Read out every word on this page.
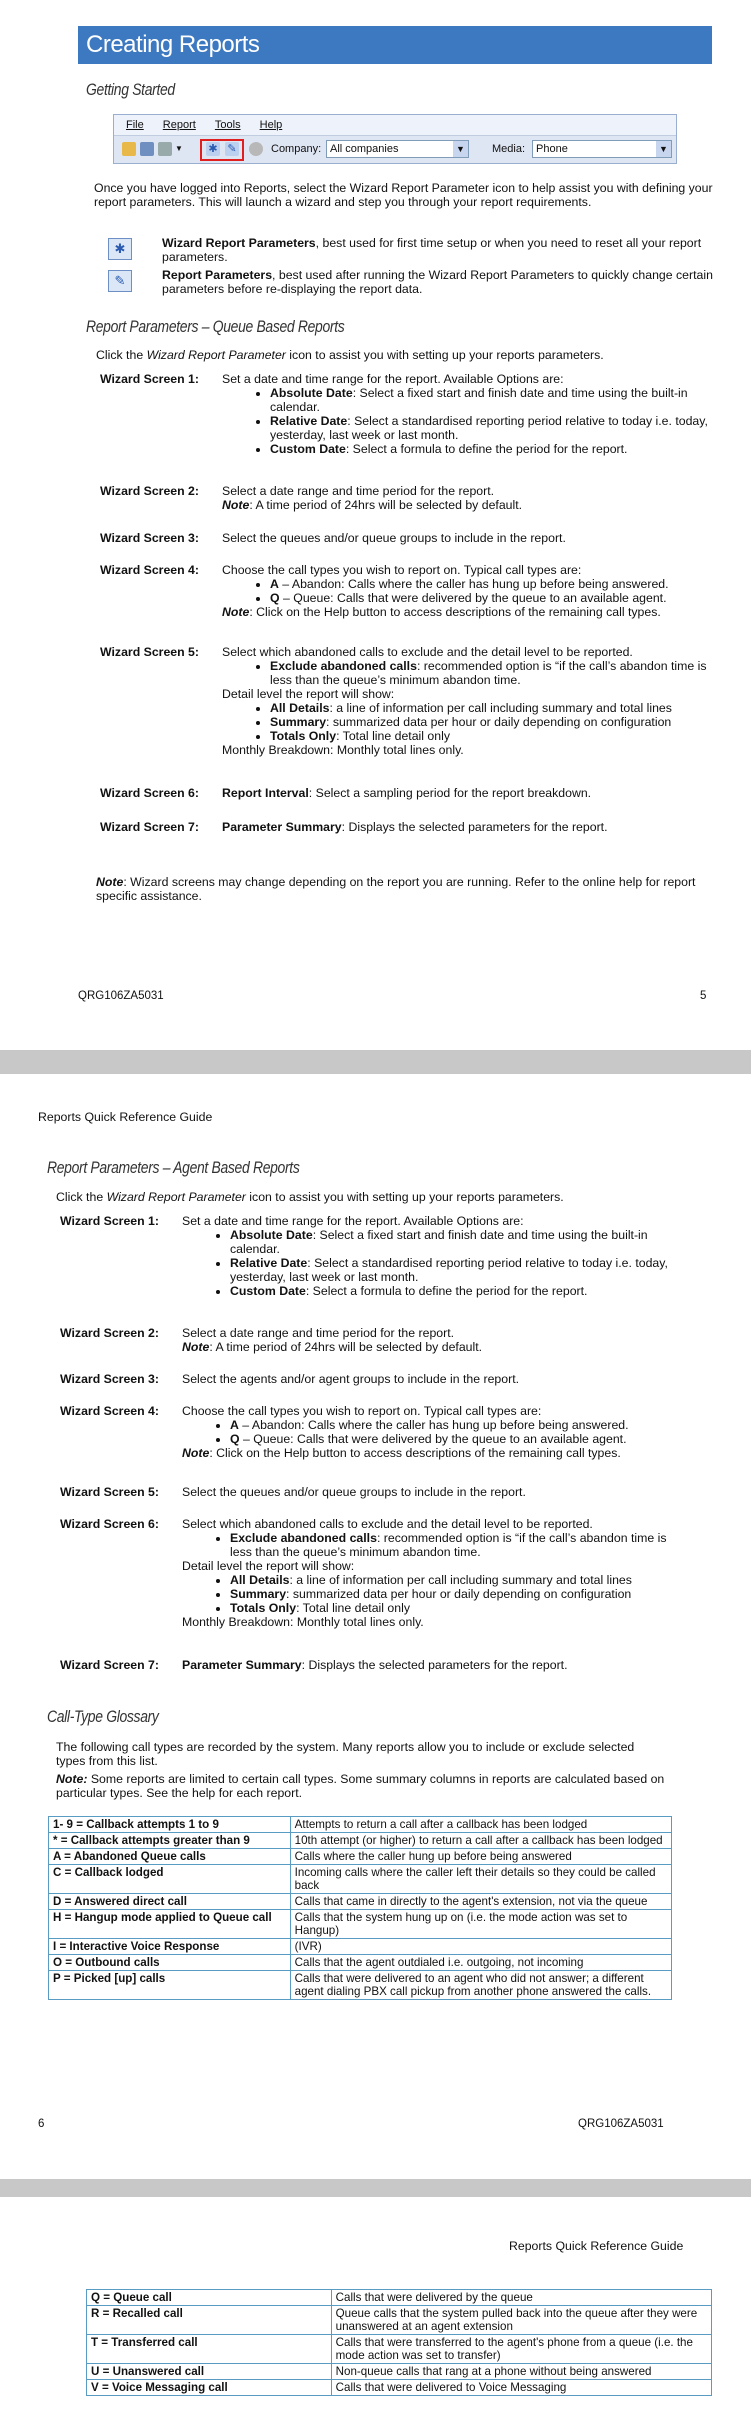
Creating Reports
Getting Started
File Report Tools Help
▼ ✱ ✎	Company: All companies	▼ Media: Phone	▼
Once you have logged into Reports, select the Wizard Report Parameter icon to help assist you with defining your report parameters. This will launch a wizard and step you through your report requirements.
✱	Wizard Report Parameters, best used for first time setup or when you need to reset all your report parameters.
✎	Report Parameters, best used after running the Wizard Report Parameters to quickly change certain parameters before re-displaying the report data.
Report Parameters – Queue Based Reports
Click the Wizard Report Parameter icon to assist you with setting up your reports parameters.
Wizard Screen 1: Set a date and time range for the report. Available Options are:
• Absolute Date: Select a fixed start and finish date and time using the built-in calendar.
• Relative Date: Select a standardised reporting period relative to today i.e. today, yesterday, last week or last month.
• Custom Date: Select a formula to define the period for the report.
Wizard Screen 2: Select a date range and time period for the report.
Note: A time period of 24hrs will be selected by default.
Wizard Screen 3: Select the queues and/or queue groups to include in the report.
Wizard Screen 4: Choose the call types you wish to report on. Typical call types are:
• A – Abandon: Calls where the caller has hung up before being answered.
• Q – Queue: Calls that were delivered by the queue to an available agent.
Note: Click on the Help button to access descriptions of the remaining call types.
Wizard Screen 5: Select which abandoned calls to exclude and the detail level to be reported.
• Exclude abandoned calls: recommended option is “if the call’s abandon time is less than the queue’s minimum abandon time.
Detail level the report will show:
• All Details: a line of information per call including summary and total lines
• Summary: summarized data per hour or daily depending on configuration
• Totals Only: Total line detail only
Monthly Breakdown: Monthly total lines only.
Wizard Screen 6: Report Interval: Select a sampling period for the report breakdown.
Wizard Screen 7: Parameter Summary: Displays the selected parameters for the report.
Note: Wizard screens may change depending on the report you are running. Refer to the online help for report specific assistance.
QRG106ZA5031	5
Reports Quick Reference Guide
Report Parameters – Agent Based Reports
Click the Wizard Report Parameter icon to assist you with setting up your reports parameters.
Wizard Screen 1: Set a date and time range for the report. Available Options are:
• Absolute Date: Select a fixed start and finish date and time using the built-in calendar.
• Relative Date: Select a standardised reporting period relative to today i.e. today, yesterday, last week or last month.
• Custom Date: Select a formula to define the period for the report.
Wizard Screen 2: Select a date range and time period for the report.
Note: A time period of 24hrs will be selected by default.
Wizard Screen 3: Select the agents and/or agent groups to include in the report.
Wizard Screen 4: Choose the call types you wish to report on. Typical call types are:
• A – Abandon: Calls where the caller has hung up before being answered.
• Q – Queue: Calls that were delivered by the queue to an available agent.
Note: Click on the Help button to access descriptions of the remaining call types.
Wizard Screen 5: Select the queues and/or queue groups to include in the report.
Wizard Screen 6: Select which abandoned calls to exclude and the detail level to be reported.
• Exclude abandoned calls: recommended option is “if the call’s abandon time is less than the queue’s minimum abandon time.
Detail level the report will show:
• All Details: a line of information per call including summary and total lines
• Summary: summarized data per hour or daily depending on configuration
• Totals Only: Total line detail only
Monthly Breakdown: Monthly total lines only.
Wizard Screen 7: Parameter Summary: Displays the selected parameters for the report.
Call-Type Glossary
The following call types are recorded by the system. Many reports allow you to include or exclude selected types from this list.
Note: Some reports are limited to certain call types. Some summary columns in reports are calculated based on particular types. See the help for each report.
1- 9 = Callback attempts 1 to 9	Attempts to return a call after a callback has been lodged
* = Callback attempts greater than 9	10th attempt (or higher) to return a call after a callback has been lodged
A = Abandoned Queue calls	Calls where the caller hung up before being answered
C = Callback lodged	Incoming calls where the caller left their details so they could be called back
D = Answered direct call	Calls that came in directly to the agent's extension, not via the queue
H = Hangup mode applied to Queue call	Calls that the system hung up on (i.e. the mode action was set to Hangup)
I = Interactive Voice Response	(IVR)
O = Outbound calls	Calls that the agent outdialed i.e. outgoing, not incoming
P = Picked [up] calls	Calls that were delivered to an agent who did not answer; a different agent dialing PBX call pickup from another phone answered the calls.
6	QRG106ZA5031
Reports Quick Reference Guide
Q = Queue call	Calls that were delivered by the queue
R = Recalled call	Queue calls that the system pulled back into the queue after they were unanswered at an agent extension
T = Transferred call	Calls that were transferred to the agent's phone from a queue (i.e. the mode action was set to transfer)
U = Unanswered call	Non-queue calls that rang at a phone without being answered
V = Voice Messaging call	Calls that were delivered to Voice Messaging
